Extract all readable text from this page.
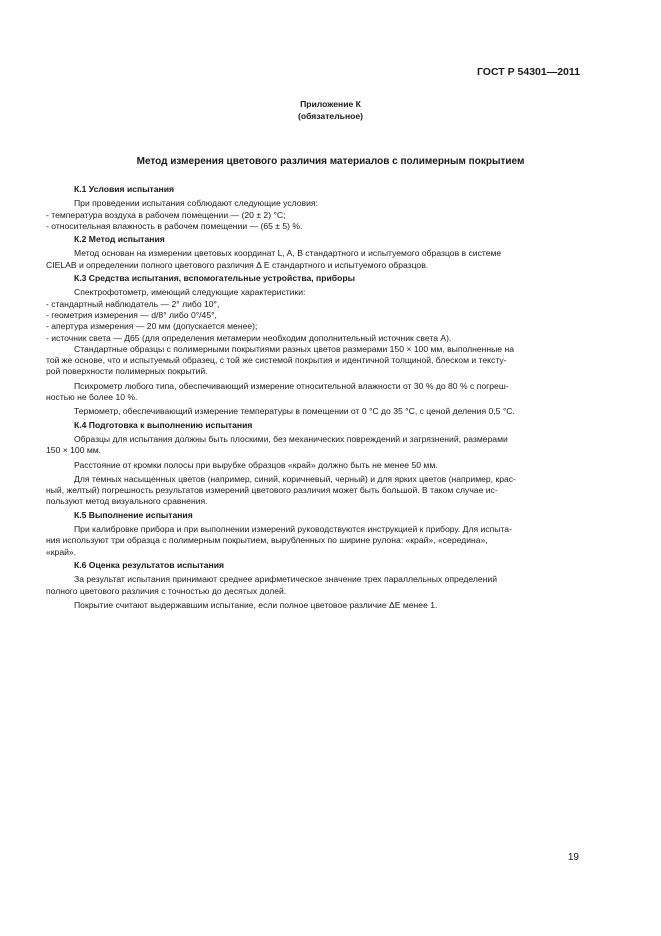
ГОСТ Р 54301—2011
Приложение К
(обязательное)
Метод измерения цветового различия материалов с полимерным покрытием

К.1 Условия испытания

При проведении испытания соблюдают следующие условия:

- температура воздуха в рабочем помещении — (20 ± 2) °С;

- относительная влажность в рабочем помещении — (65 ± 5) %.

К.2 Метод испытания

Метод основан на измерении цветовых координат L, A, B стандартного и испытуемого образцов в системе

CIELAB и определении полного цветового различия Δ E стандартного и испытуемого образцов.

К.3 Средства испытания, вспомогательные устройства, приборы

Спектрофотометр, имеющий следующие характеристики:

- стандартный наблюдатель — 2° либо 10°,

- геометрия измерения — d/8° либо 0°/45°,

- апертура измерения — 20 мм (допускается менее);

- источник света — Д65 (для определения метамерии необходим дополнительный источник света А).

Стандартные образцы с полимерными покрытиями разных цветов размерами 150 × 100 мм, выполненные на

той же основе, что и испытуемый образец, с той же системой покрытия и идентичной толщиной, блеском и тексту-

рой поверхности полимерных покрытий.

Психрометр любого типа, обеспечивающий измерение относительной влажности от 30 % до 80 % с погреш-

ностью не более 10 %.

Термометр, обеспечивающий измерение температуры в помещении от 0 °С до 35 °С, с ценой деления 0,5 °С.

К.4 Подготовка к выполнению испытания

Образцы для испытания должны быть плоскими, без механических повреждений и загрязнений, размерами

150 × 100 мм.

Расстояние от кромки полосы при вырубке образцов «край» должно быть не менее 50 мм.

Для темных насыщенных цветов (например, синий, коричневый, черный) и для ярких цветов (например, крас-

ный, желтый) погрешность результатов измерений цветового различия может быть большой. В таком случае ис-

пользуют метод визуального сравнения.

К.5 Выполнение испытания

При калибровке прибора и при выполнении измерений руководствуются инструкцией к прибору. Для испыта-

ния используют три образца с полимерным покрытием, вырубленных по ширине рулона: «край», «середина»,

«край».

К.6 Оценка результатов испытания

За результат испытания принимают среднее арифметическое значение трех параллельных определений

полного цветового различия с точностью до десятых долей.

Покрытие считают выдержавшим испытание, если полное цветовое различие ΔE менее 1.

19
